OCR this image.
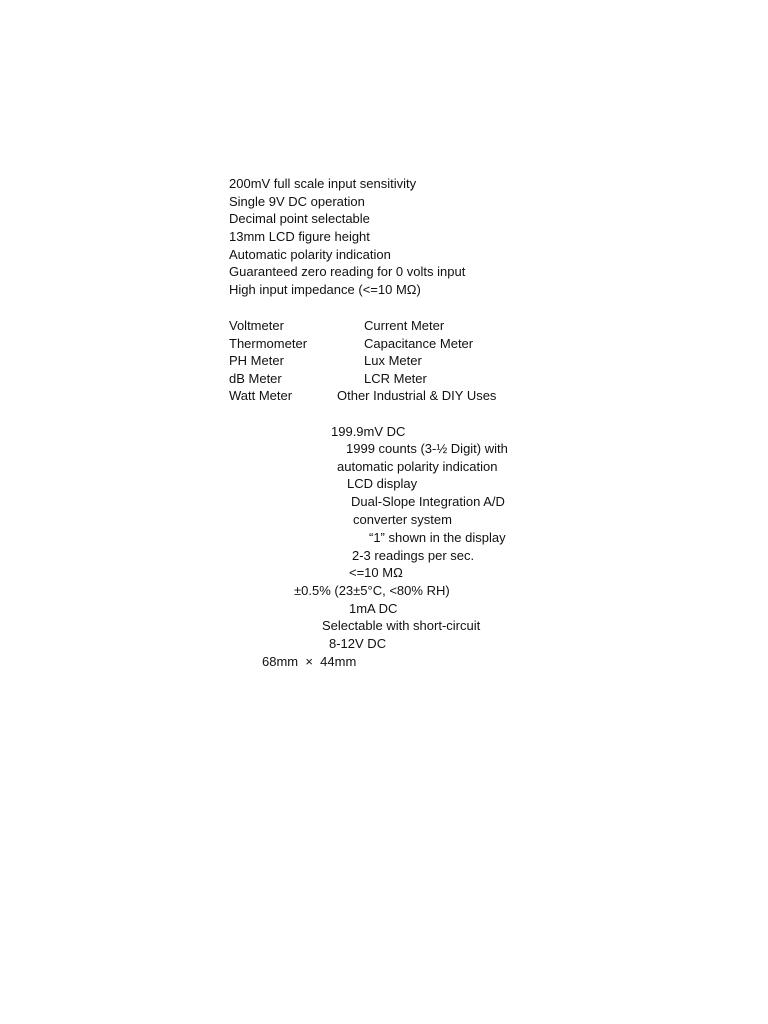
200mV full scale input sensitivity
Single 9V DC operation
Decimal point selectable
13mm LCD figure height
Automatic polarity indication
Guaranteed zero reading for 0 volts input
High input impedance (<=10 MΩ)
Voltmeter	Current Meter
Thermometer	Capacitance Meter
PH Meter	Lux Meter
dB Meter	LCR Meter
Watt Meter	Other Industrial & DIY Uses
199.9mV DC
1999 counts (3-½ Digit) with
automatic polarity indication
LCD display
Dual-Slope Integration A/D
converter system
“1” shown in the display
2-3 readings per sec.
<=10 MΩ
±0.5% (23±5°C, <80% RH)
1mA DC
Selectable with short-circuit
8-12V DC
68mm  ×  44mm
